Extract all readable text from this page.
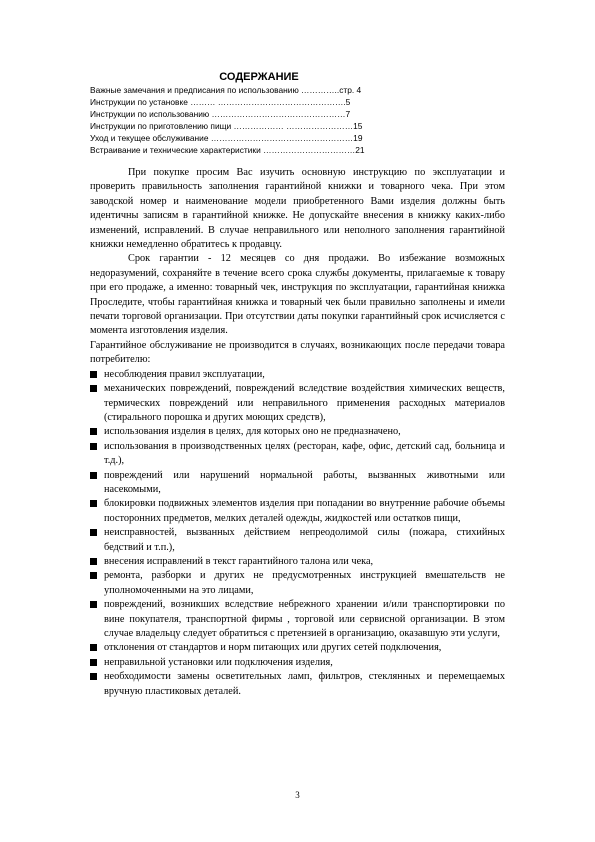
СОДЕРЖАНИЕ
Важные замечания и предписания по использованию …………..стр. 4
Инструкции по установке ……… ……………………………………….5
Инструкции по использованию …………………………………………7
Инструкции по приготовлению пищи ……………… ……………………15
Уход и текущее обслуживание ……………………………………………19
Встраивание и технические характеристики ……………………………21

При покупке просим Вас изучить основную инструкцию по эксплуатации и проверить правильность заполнения гарантийной книжки и товарного чека. При этом заводской номер и наименование модели приобретенного Вами изделия должны быть идентичны записям в гарантийной книжке. Не допускайте внесения в книжку каких-либо изменений, исправлений. В случае неправильного или неполного заполнения гарантийной книжки немедленно обратитесь к продавцу.

Срок гарантии - 12 месяцев со дня продажи. Во избежание возможных недоразумений, сохраняйте в течение всего срока службы документы, прилагаемые к товару при его продаже, а именно: товарный чек, инструкция по эксплуатации, гарантийная книжка Проследите, чтобы гарантийная книжка и товарный чек были правильно заполнены и имели печати торговой организации. При отсутствии даты покупки гарантийный срок исчисляется с момента изготовления изделия.

Гарантийное обслуживание не производится в случаях, возникающих после передачи товара потребителю:

несоблюдения правил эксплуатации,
механических повреждений, повреждений вследствие воздействия химических веществ, термических повреждений или неправильного применения расходных материалов (стирального порошка и других моющих средств),
использования изделия в целях, для которых оно не предназначено,
использования в производственных целях (ресторан, кафе, офис, детский сад, больница и т.д.),
повреждений или нарушений нормальной работы, вызванных животными или насекомыми,
блокировки подвижных элементов изделия при попадании во внутренние рабочие объемы посторонних предметов, мелких деталей одежды, жидкостей или остатков пищи,
неисправностей, вызванных действием непреодолимой силы (пожара, стихийных бедствий и т.п.),
внесения исправлений в текст гарантийного талона или чека,
ремонта, разборки и других не предусмотренных инструкцией вмешательств не уполномоченными на это лицами,
повреждений, возникших вследствие небрежного хранении и/или транспортировки по вине покупателя, транспортной фирмы , торговой или сервисной организации. В этом случае владельцу следует обратиться с претензией в организацию, оказавшую эти услуги,
отклонения от стандартов и норм питающих или других сетей подключения,
неправильной установки или подключения изделия,
необходимости замены осветительных ламп, фильтров, стеклянных и перемещаемых вручную пластиковых деталей.
3
